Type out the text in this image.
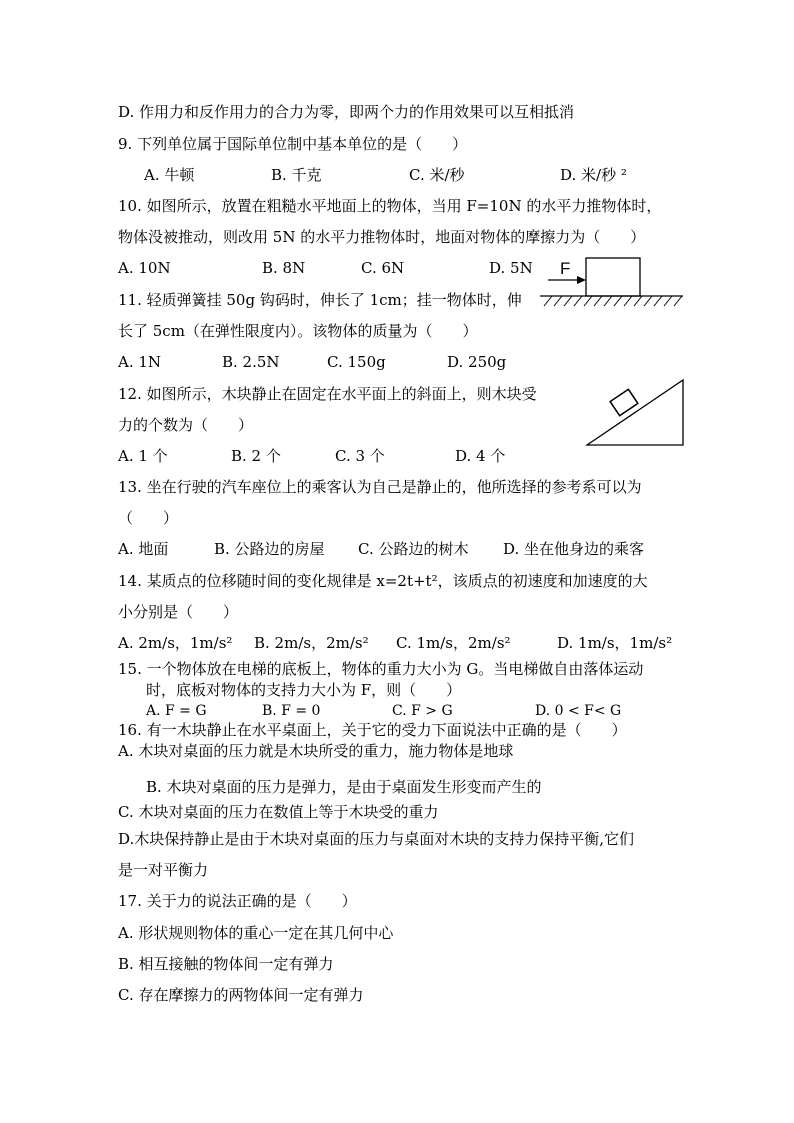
D. 作用力和反作用力的合力为零，即两个力的作用效果可以互相抵消
9. 下列单位属于国际单位制中基本单位的是（　　）
A. 牛顿	B. 千克	C. 米/秒	D. 米/秒 ²
10. 如图所示，放置在粗糙水平地面上的物体，当用 F=10N 的水平力推物体时，
物体没被推动，则改用 5N 的水平力推物体时，地面对物体的摩擦力为（　　）
A. 10N	B. 8N	C. 6N	D. 5N
11. 轻质弹簧挂 50g 钩码时，伸长了 1cm；挂一物体时，伸
长了 5cm（在弹性限度内）。该物体的质量为（　　）
A. 1N	B. 2.5N	C. 150g	D. 250g
12. 如图所示，木块静止在固定在水平面上的斜面上，则木块受
力的个数为（　　）
A. 1 个	B. 2 个	C. 3 个	D. 4 个
13. 坐在行驶的汽车座位上的乘客认为自己是静止的，他所选择的参考系可以为
（　　）
A. 地面	B. 公路边的房屋 C. 公路边的树木 D. 坐在他身边的乘客
14. 某质点的位移随时间的变化规律是 x=2t+t²，该质点的初速度和加速度的大
小分别是（　　）
A. 2m/s，1m/s² B. 2m/s，2m/s² C. 1m/s，2m/s²	D. 1m/s，1m/s²
15. 一个物体放在电梯的底板上，物体的重力大小为 G。当电梯做自由落体运动
时，底板对物体的支持力大小为 F，则（　　）
A. F = G	B. F = 0	C. F > G	D. 0 < F< G
16. 有一木块静止在水平桌面上，关于它的受力下面说法中正确的是（　　）
A. 木块对桌面的压力就是木块所受的重力，施力物体是地球
B. 木块对桌面的压力是弹力，是由于桌面发生形变而产生的
C. 木块对桌面的压力在数值上等于木块受的重力
D.木块保持静止是由于木块对桌面的压力与桌面对木块的支持力保持平衡,它们
是一对平衡力
17. 关于力的说法正确的是（　　）
A. 形状规则物体的重心一定在其几何中心
B. 相互接触的物体间一定有弹力
C. 存在摩擦力的两物体间一定有弹力
F
